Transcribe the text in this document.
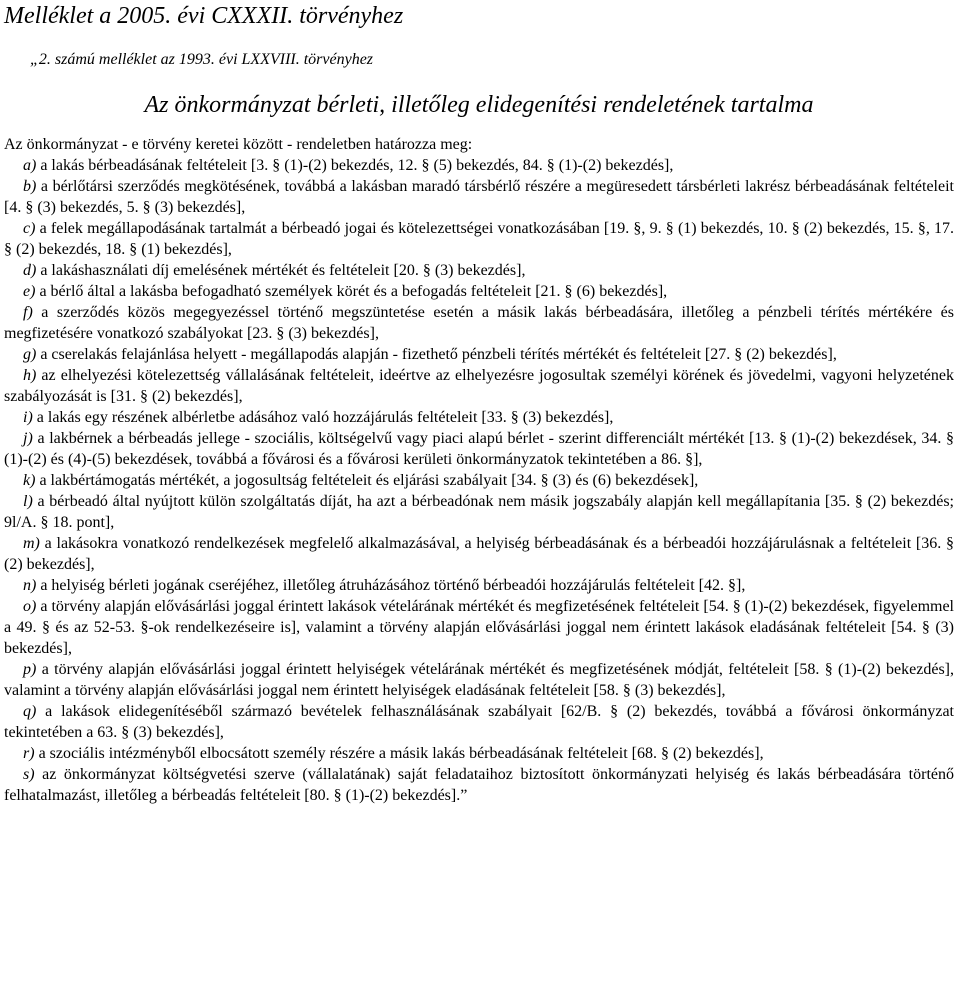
Melléklet a 2005. évi CXXXII. törvényhez

„2. számú melléklet az 1993. évi LXXVIII. törvényhez

Az önkormányzat bérleti, illetőleg elidegenítési rendeletének tartalma

Az önkormányzat - e törvény keretei között - rendeletben határozza meg:

a) a lakás bérbeadásának feltételeit [3. § (1)-(2) bekezdés, 12. § (5) bekezdés, 84. § (1)-(2) bekezdés],

b) a bérlőtársi szerződés megkötésének, továbbá a lakásban maradó társbérlő részére a megüresedett társbérleti lakrész bérbeadásának feltételeit [4. § (3) bekezdés, 5. § (3) bekezdés],

c) a felek megállapodásának tartalmát a bérbeadó jogai és kötelezettségei vonatkozásában [19. §, 9. § (1) bekezdés, 10. § (2) bekezdés, 15. §, 17. § (2) bekezdés, 18. § (1) bekezdés],

d) a lakáshasználati díj emelésének mértékét és feltételeit [20. § (3) bekezdés],

e) a bérlő által a lakásba befogadható személyek körét és a befogadás feltételeit [21. § (6) bekezdés],

f) a szerződés közös megegyezéssel történő megszüntetése esetén a másik lakás bérbeadására, illetőleg a pénzbeli térítés mértékére és megfizetésére vonatkozó szabályokat [23. § (3) bekezdés],

g) a cserelakás felajánlása helyett - megállapodás alapján - fizethető pénzbeli térítés mértékét és feltételeit [27. § (2) bekezdés],

h) az elhelyezési kötelezettség vállalásának feltételeit, ideértve az elhelyezésre jogosultak személyi körének és jövedelmi, vagyoni helyzetének szabályozását is [31. § (2) bekezdés],

i) a lakás egy részének albérletbe adásához való hozzájárulás feltételeit [33. § (3) bekezdés],

j) a lakbérnek a bérbeadás jellege - szociális, költségelvű vagy piaci alapú bérlet - szerint differenciált mértékét [13. § (1)-(2) bekezdések, 34. § (1)-(2) és (4)-(5) bekezdések, továbbá a fővárosi és a fővárosi kerületi önkormányzatok tekintetében a 86. §],

k) a lakbértámogatás mértékét, a jogosultság feltételeit és eljárási szabályait [34. § (3) és (6) bekezdések],

l) a bérbeadó által nyújtott külön szolgáltatás díját, ha azt a bérbeadónak nem másik jogszabály alapján kell megállapítania [35. § (2) bekezdés; 9l/A. § 18. pont],

m) a lakásokra vonatkozó rendelkezések megfelelő alkalmazásával, a helyiség bérbeadásának és a bérbeadói hozzájárulásnak a feltételeit [36. § (2) bekezdés],

n) a helyiség bérleti jogának cseréjéhez, illetőleg átruházásához történő bérbeadói hozzájárulás feltételeit [42. §],

o) a törvény alapján elővásárlási joggal érintett lakások vételárának mértékét és megfizetésének feltételeit [54. § (1)-(2) bekezdések, figyelemmel a 49. § és az 52-53. §-ok rendelkezéseire is], valamint a törvény alapján elővásárlási joggal nem érintett lakások eladásának feltételeit [54. § (3) bekezdés],

p) a törvény alapján elővásárlási joggal érintett helyiségek vételárának mértékét és megfizetésének módját, feltételeit [58. § (1)-(2) bekezdés], valamint a törvény alapján elővásárlási joggal nem érintett helyiségek eladásának feltételeit [58. § (3) bekezdés],

q) a lakások elidegenítéséből származó bevételek felhasználásának szabályait [62/B. § (2) bekezdés, továbbá a fővárosi önkormányzat tekintetében a 63. § (3) bekezdés],

r) a szociális intézményből elbocsátott személy részére a másik lakás bérbeadásának feltételeit [68. § (2) bekezdés],

s) az önkormányzat költségvetési szerve (vállalatának) saját feladataihoz biztosított önkormányzati helyiség és lakás bérbeadására történő felhatalmazást, illetőleg a bérbeadás feltételeit [80. § (1)-(2) bekezdés].”
